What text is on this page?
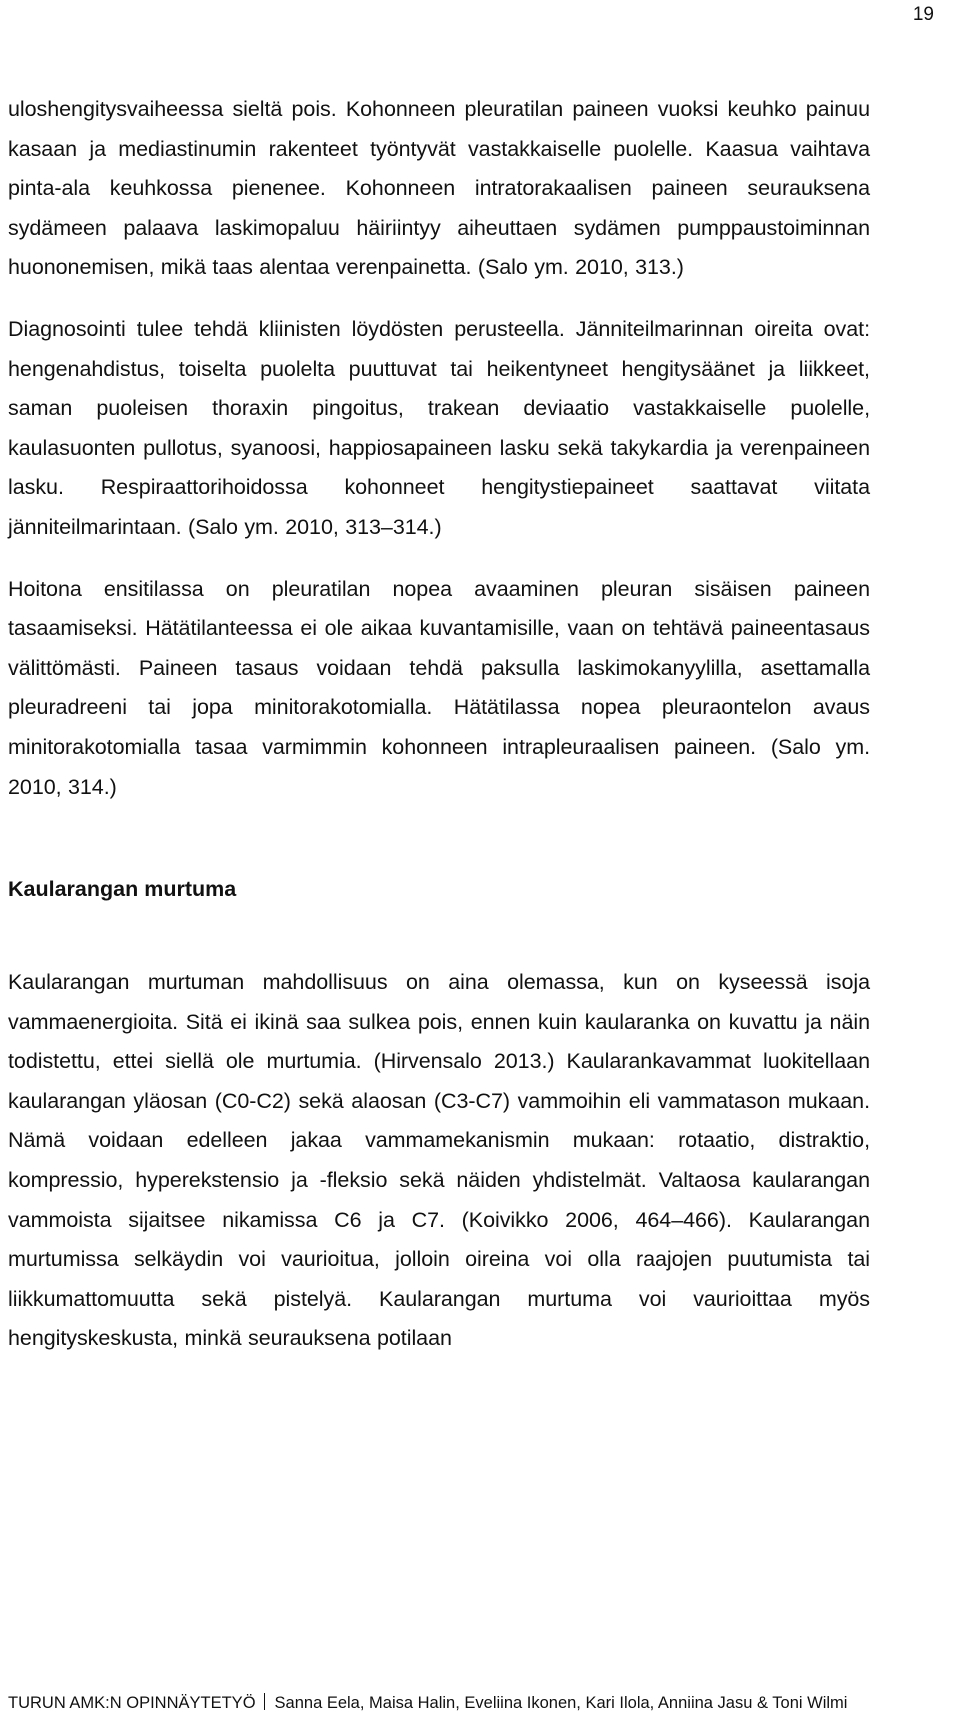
19

uloshengitysvaiheessa sieltä pois. Kohonneen pleuratilan paineen vuoksi keuhko painuu kasaan ja mediastinumin rakenteet työntyvät vastakkaiselle puolelle. Kaasua vaihtava pinta-ala keuhkossa pienenee. Kohonneen intratorakaalisen paineen seurauksena sydämeen palaava laskimopaluu häiriintyy aiheuttaen sydämen pumppaustoiminnan huononemisen, mikä taas alentaa verenpainetta. (Salo ym. 2010, 313.)

Diagnosointi tulee tehdä kliinisten löydösten perusteella. Jänniteilmarinnan oireita ovat: hengenahdistus, toiselta puolelta puuttuvat tai heikentyneet hengitysäänet ja liikkeet, saman puoleisen thoraxin pingoitus, trakean deviaatio vastakkaiselle puolelle, kaulasuonten pullotus, syanoosi, happiosapaineen lasku sekä takykardia ja verenpaineen lasku. Respiraattorihoidossa kohonneet hengitystiepaineet saattavat viitata jänniteilmarintaan. (Salo ym. 2010, 313–314.)

Hoitona ensitilassa on pleuratilan nopea avaaminen pleuran sisäisen paineen tasaamiseksi. Hätätilanteessa ei ole aikaa kuvantamisille, vaan on tehtävä paineentasaus välittömästi. Paineen tasaus voidaan tehdä paksulla laskimokanyylilla, asettamalla pleuradreeni tai jopa minitorakotomialla. Hätätilassa nopea pleuraontelon avaus minitorakotomialla tasaa varmimmin kohonneen intrapleuraalisen paineen. (Salo ym. 2010, 314.)

Kaularangan murtuma

Kaularangan murtuman mahdollisuus on aina olemassa, kun on kyseessä isoja vammaenergioita. Sitä ei ikinä saa sulkea pois, ennen kuin kaularanka on kuvattu ja näin todistettu, ettei siellä ole murtumia. (Hirvensalo 2013.) Kaularankavammat luokitellaan kaularangan yläosan (C0-C2) sekä alaosan (C3-C7) vammoihin eli vammatason mukaan. Nämä voidaan edelleen jakaa vammamekanismin mukaan: rotaatio, distraktio, kompressio, hyperekstensio ja -fleksio sekä näiden yhdistelmät. Valtaosa kaularangan vammoista sijaitsee nikamissa C6 ja C7. (Koivikko 2006, 464–466). Kaularangan murtumissa selkäydin voi vaurioitua, jolloin oireina voi olla raajojen puutumista tai liikkumattomuutta sekä pistelyä. Kaularangan murtuma voi vaurioittaa myös hengityskeskusta, minkä seurauksena potilaan

TURUN AMK:N OPINNÄYTETYÖ Sanna Eela, Maisa Halin, Eveliina Ikonen, Kari Ilola, Anniina Jasu & Toni Wilmi
